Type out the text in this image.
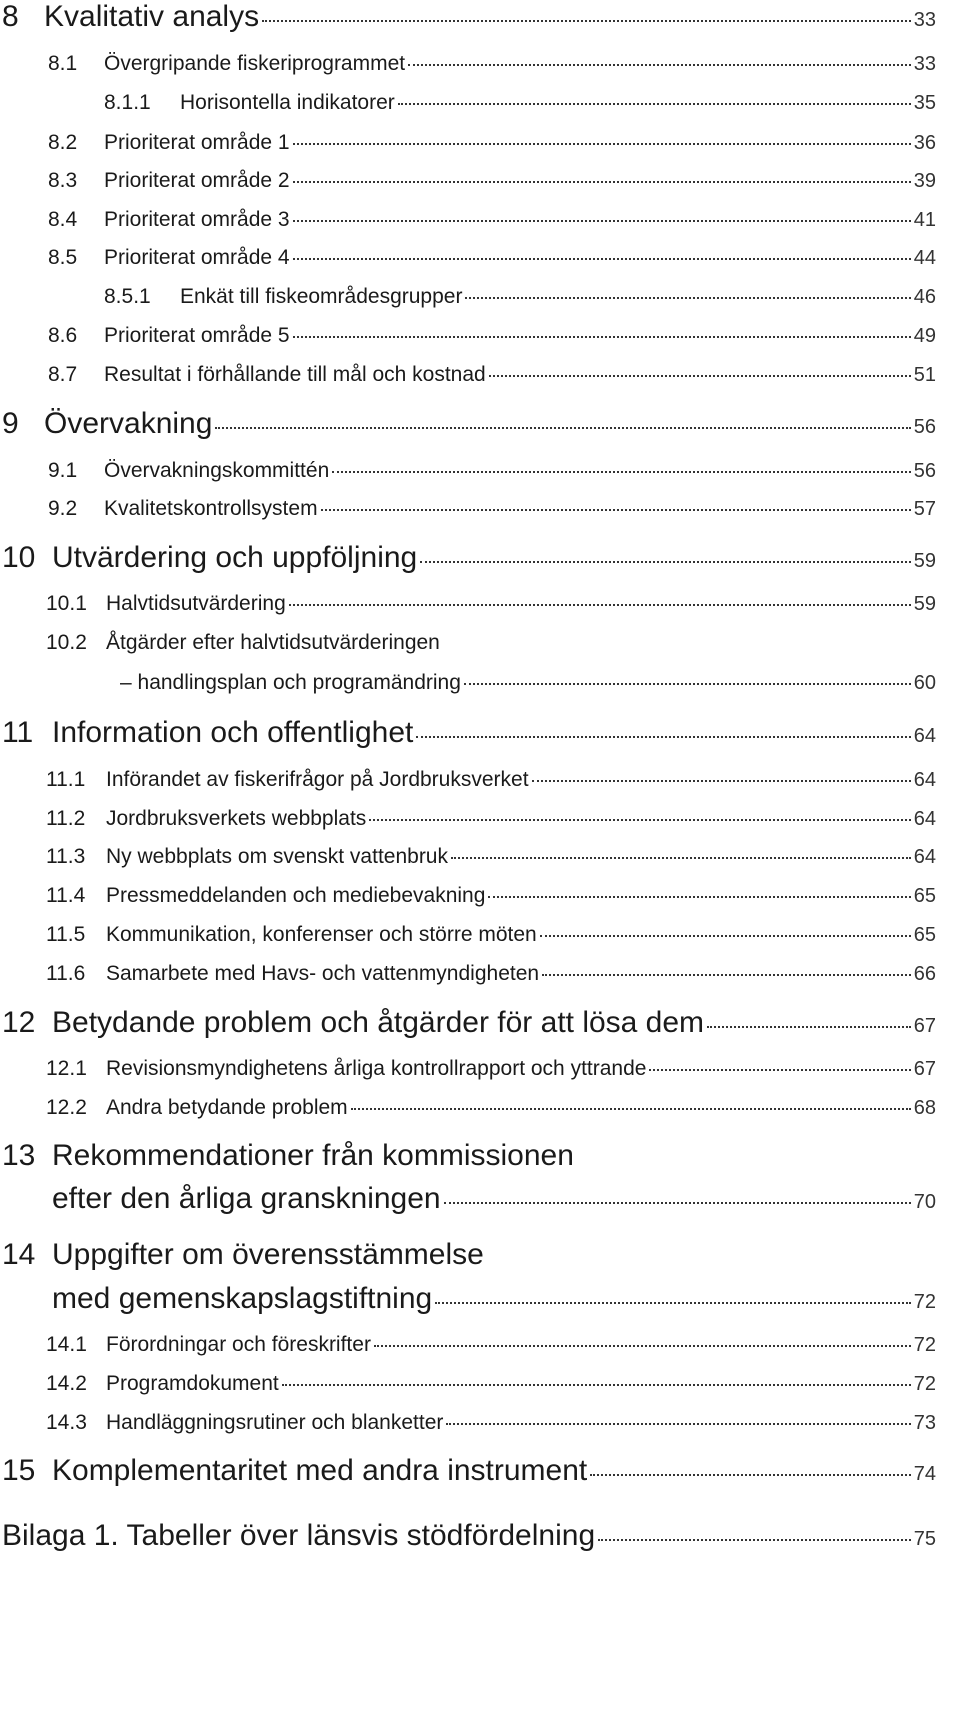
8 Kvalitativ analys	33
8.1	Övergripande fiskeriprogrammet	33
8.1.1	Horisontella indikatorer	35
8.2	Prioriterat område 1	36
8.3	Prioriterat område 2	39
8.4	Prioriterat område 3	41
8.5	Prioriterat område 4	44
8.5.1	Enkät till fiskeområdesgrupper	46
8.6	Prioriterat område 5	49
8.7	Resultat i förhållande till mål och kostnad	51
9 Övervakning	56
9.1	Övervakningskommittén	56
9.2	Kvalitetskontrollsystem	57
10 Utvärdering och uppföljning	59
10.1 Halvtidsutvärdering	59
10.2 Åtgärder efter halvtidsutvärderingen
– handlingsplan och programändring	60
11 Information och offentlighet	64
11.1 Införandet av fiskerifrågor på Jordbruksverket	64
11.2 Jordbruksverkets webbplats	64
11.3 Ny webbplats om svenskt vattenbruk	64
11.4 Pressmeddelanden och mediebevakning	65
11.5 Kommunikation, konferenser och större möten	65
11.6 Samarbete med Havs- och vattenmyndigheten	66
12 Betydande problem och åtgärder för att lösa dem	67
12.1 Revisionsmyndighetens årliga kontrollrapport och yttrande	67
12.2 Andra betydande problem	68
13 Rekommendationer från kommissionen
efter den årliga granskningen	70
14 Uppgifter om överensstämmelse
med gemenskapslagstiftning	72
14.1 Förordningar och föreskrifter	72
14.2 Programdokument	72
14.3 Handläggningsrutiner och blanketter	73
15 Komplementaritet med andra instrument	74
Bilaga 1. Tabeller över länsvis stödfördelning	75
